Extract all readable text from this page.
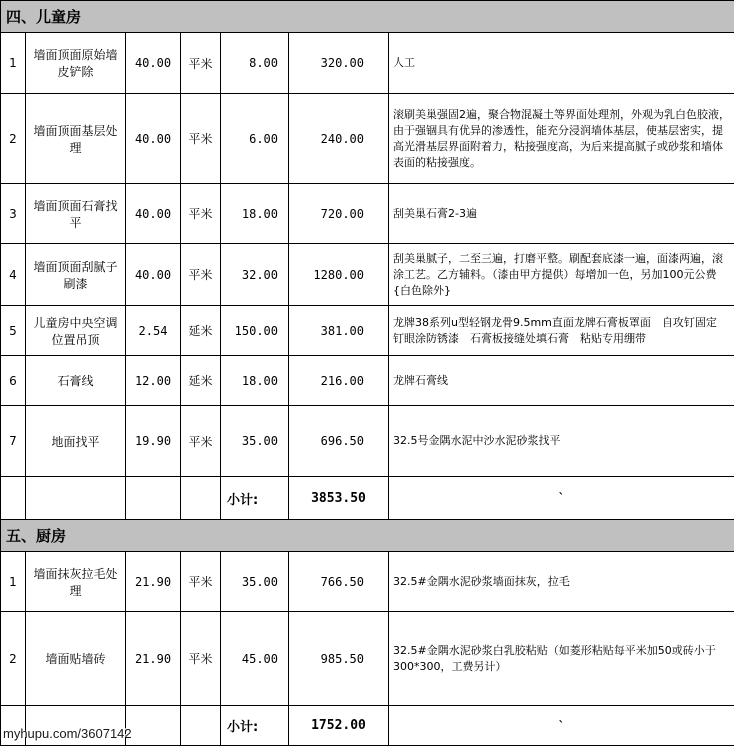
四、儿童房						
1	墙面顶面原始墙皮铲除	40.00	平米	8.00	320.00	人工
2	墙面顶面基层处理	40.00	平米	6.00	240.00	滚刷美巢强固2遍，聚合物混凝土等界面处理剂，外观为乳白色胶液，由于强锢具有优异的渗透性，能充分浸润墙体基层，使基层密实，提高光滑基层界面附着力，粘接强度高，为后来提高腻子或砂浆和墙体表面的粘接强度。
3	墙面顶面石膏找平	40.00	平米	18.00	720.00	刮美巢石膏2-3遍
4	墙面顶面刮腻子刷漆	40.00	平米	32.00	1280.00	刮美巢腻子，二至三遍，打磨平整。刷配套底漆一遍，面漆两遍，滚涂工艺。乙方辅料。（漆由甲方提供）每增加一色，另加100元公费 {白色除外}
5	儿童房中央空调位置吊顶	2.54	延米	150.00	381.00	龙牌38系列u型轻钢龙骨9.5mm直面龙牌石膏板罩面　自攻钉固定　钉眼涂防锈漆　石膏板接缝处填石膏　粘贴专用绷带
6	石膏线	12.00	延米	18.00	216.00	龙牌石膏线
7	地面找平	19.90	平米	35.00	696.50	32.5号金隅水泥中沙水泥砂浆找平
				小计:	3853.50	`
五、厨房						
1	墙面抹灰拉毛处理	21.90	平米	35.00	766.50	32.5#金隅水泥砂浆墙面抹灰，拉毛
2	墙面贴墙砖	21.90	平米	45.00	985.50	32.5#金隅水泥砂浆白乳胶粘贴（如菱形粘贴每平米加50或砖小于300*300，工费另计）
				小计:	1752.00	`
myhupu.com/3607142
